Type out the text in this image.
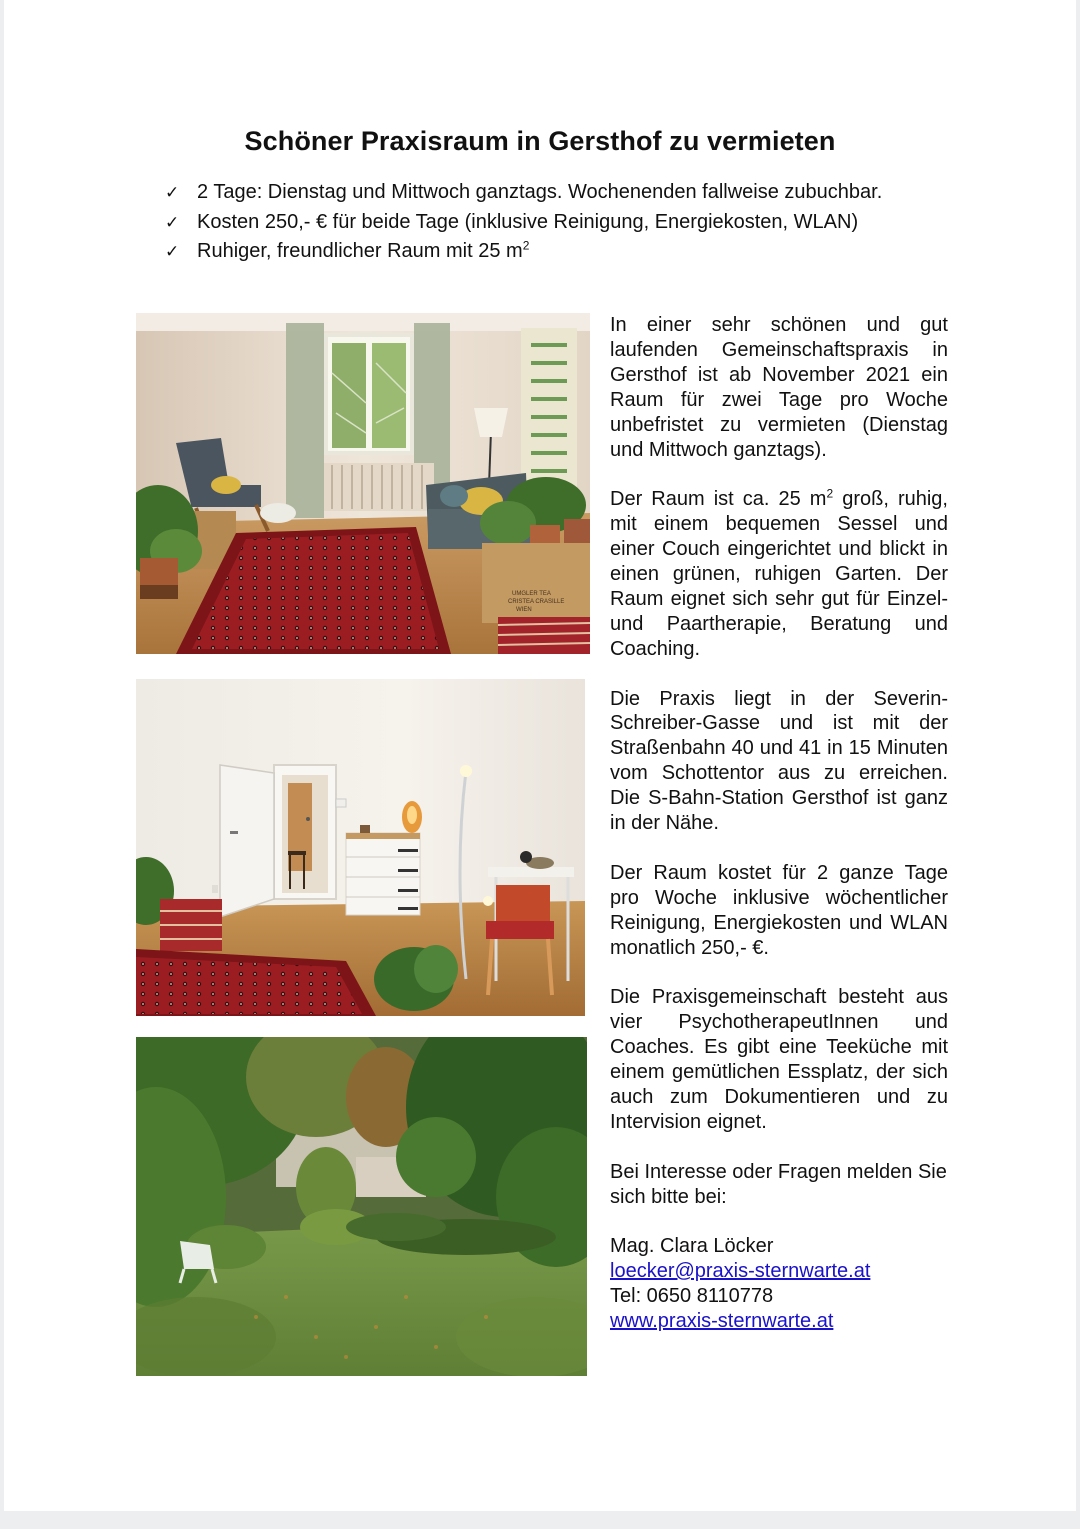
Schöner Praxisraum in Gersthof zu vermieten
✓ 2 Tage: Dienstag und Mittwoch ganztags. Wochenenden fallweise zubuchbar.
✓ Kosten 250,- € für beide Tage (inklusive Reinigung, Energiekosten, WLAN)
✓ Ruhiger, freundlicher Raum mit 25 $m^2$
UMGLER TEA
CRISTEA CRASILLE
WIEN

In einer sehr schönen und gut laufenden Gemeinschaftspraxis in Gersthof ist ab November 2021 ein Raum für zwei Tage pro Woche unbefristet zu vermieten (Dienstag und Mittwoch ganztags).

Der Raum ist ca. 25 $m^2$ groß, ruhig, mit einem bequemen Sessel und einer Couch eingerichtet und blickt in einen grünen, ruhigen Garten. Der Raum eignet sich sehr gut für Einzel- und Paartherapie, Beratung und Coaching.

Die Praxis liegt in der Severin-Schreiber-Gasse und ist mit der Straßenbahn 40 und 41 in 15 Minuten vom Schottentor aus zu erreichen. Die S-Bahn-Station Gersthof ist ganz in der Nähe.

Der Raum kostet für 2 ganze Tage pro Woche inklusive wöchentlicher Reinigung, Energiekosten und WLAN monatlich 250,- €.

Die Praxisgemeinschaft besteht aus vier PsychotherapeutInnen und Coaches. Es gibt eine Teeküche mit einem gemütlichen Essplatz, der sich auch zum Dokumentieren und zu Intervision eignet.

Bei Interesse oder Fragen melden Sie sich bitte bei:

Mag. Clara Löcker
loecker@praxis-sternwarte.at
Tel: 0650 8110778
www.praxis-sternwarte.at
